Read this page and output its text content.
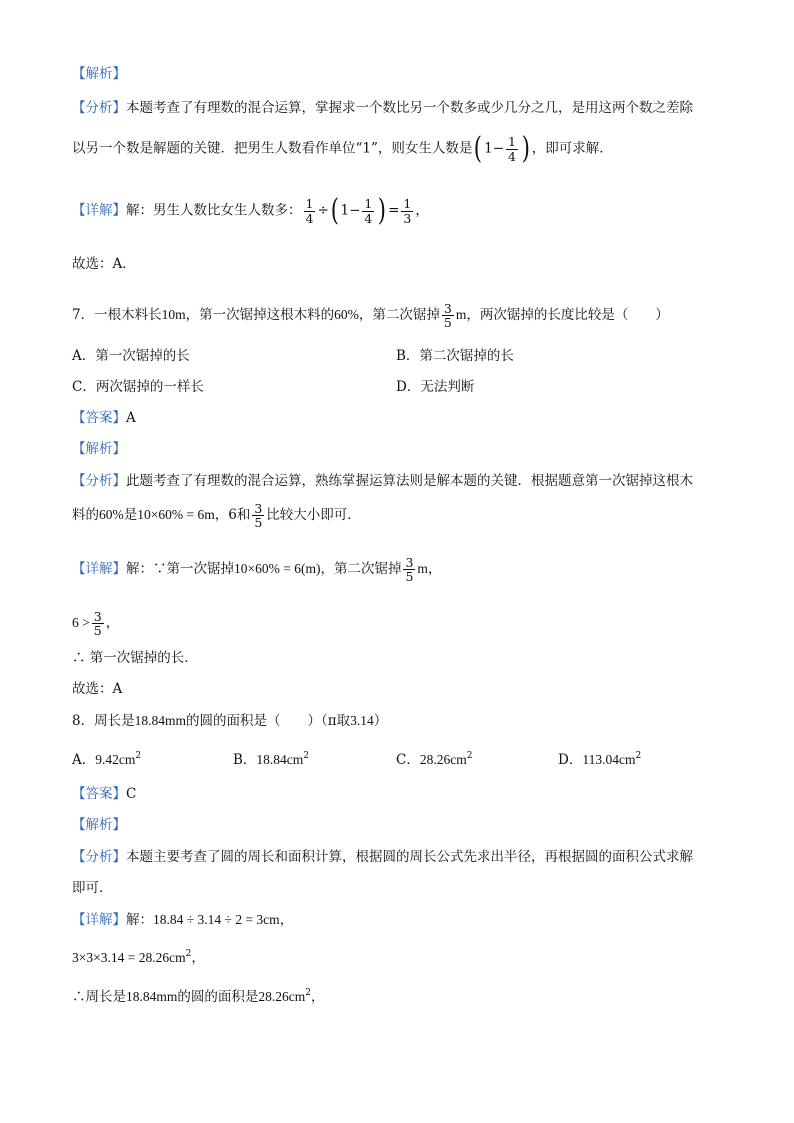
【解析】
【分析】本题考查了有理数的混合运算，掌握求一个数比另一个数多或少几分之几，是用这两个数之差除
以另一个数是解题的关键．把男生人数看作单位“1”，则女生人数是( $1- \frac{1}{4}$ ) ，即可求解．
【详解】解：男生人数比女生人数多： $\frac{1}{4}$ ÷( $1- \frac{1}{4}$ ) = $\frac{1}{3}$ ，
故选：A．
7．一根木料长10m，第一次锯掉这根木料的60%，第二次锯掉 $\frac{3}{5}$ m，两次锯掉的长度比较是（　　）
A．第一次锯掉的长	B．第二次锯掉的长
C．两次锯掉的一样长	D．无法判断
【答案】A
【解析】
【分析】此题考查了有理数的混合运算，熟练掌握运算法则是解本题的关键．根据题意第一次锯掉这根木
料的60%是10×60% = 6m，6和 $\frac{3}{5}$ 比较大小即可．
【详解】解：∵第一次锯掉10×60% = 6(m)，第二次锯掉 $\frac{3}{5}$ m，
$6 > \frac{3}{5}$ ，
∴ 第一次锯掉的长．
故选：A
8．周长是18.84mm的圆的面积是（　　）（π取3.14）
A．$9.42cm^2$	B．$18.84cm^2$	C．$28.26cm^2$	D．$113.04cm^2$
【答案】C
【解析】
【分析】本题主要考查了圆的周长和面积计算，根据圆的周长公式先求出半径，再根据圆的面积公式求解
即可．
【详解】解：18.84 ÷ 3.14 ÷ 2 = 3cm，
$3\times 3\times 3.14 = 28.26cm^2$，
∴周长是18.84mm的圆的面积是$28.26cm^2$，
